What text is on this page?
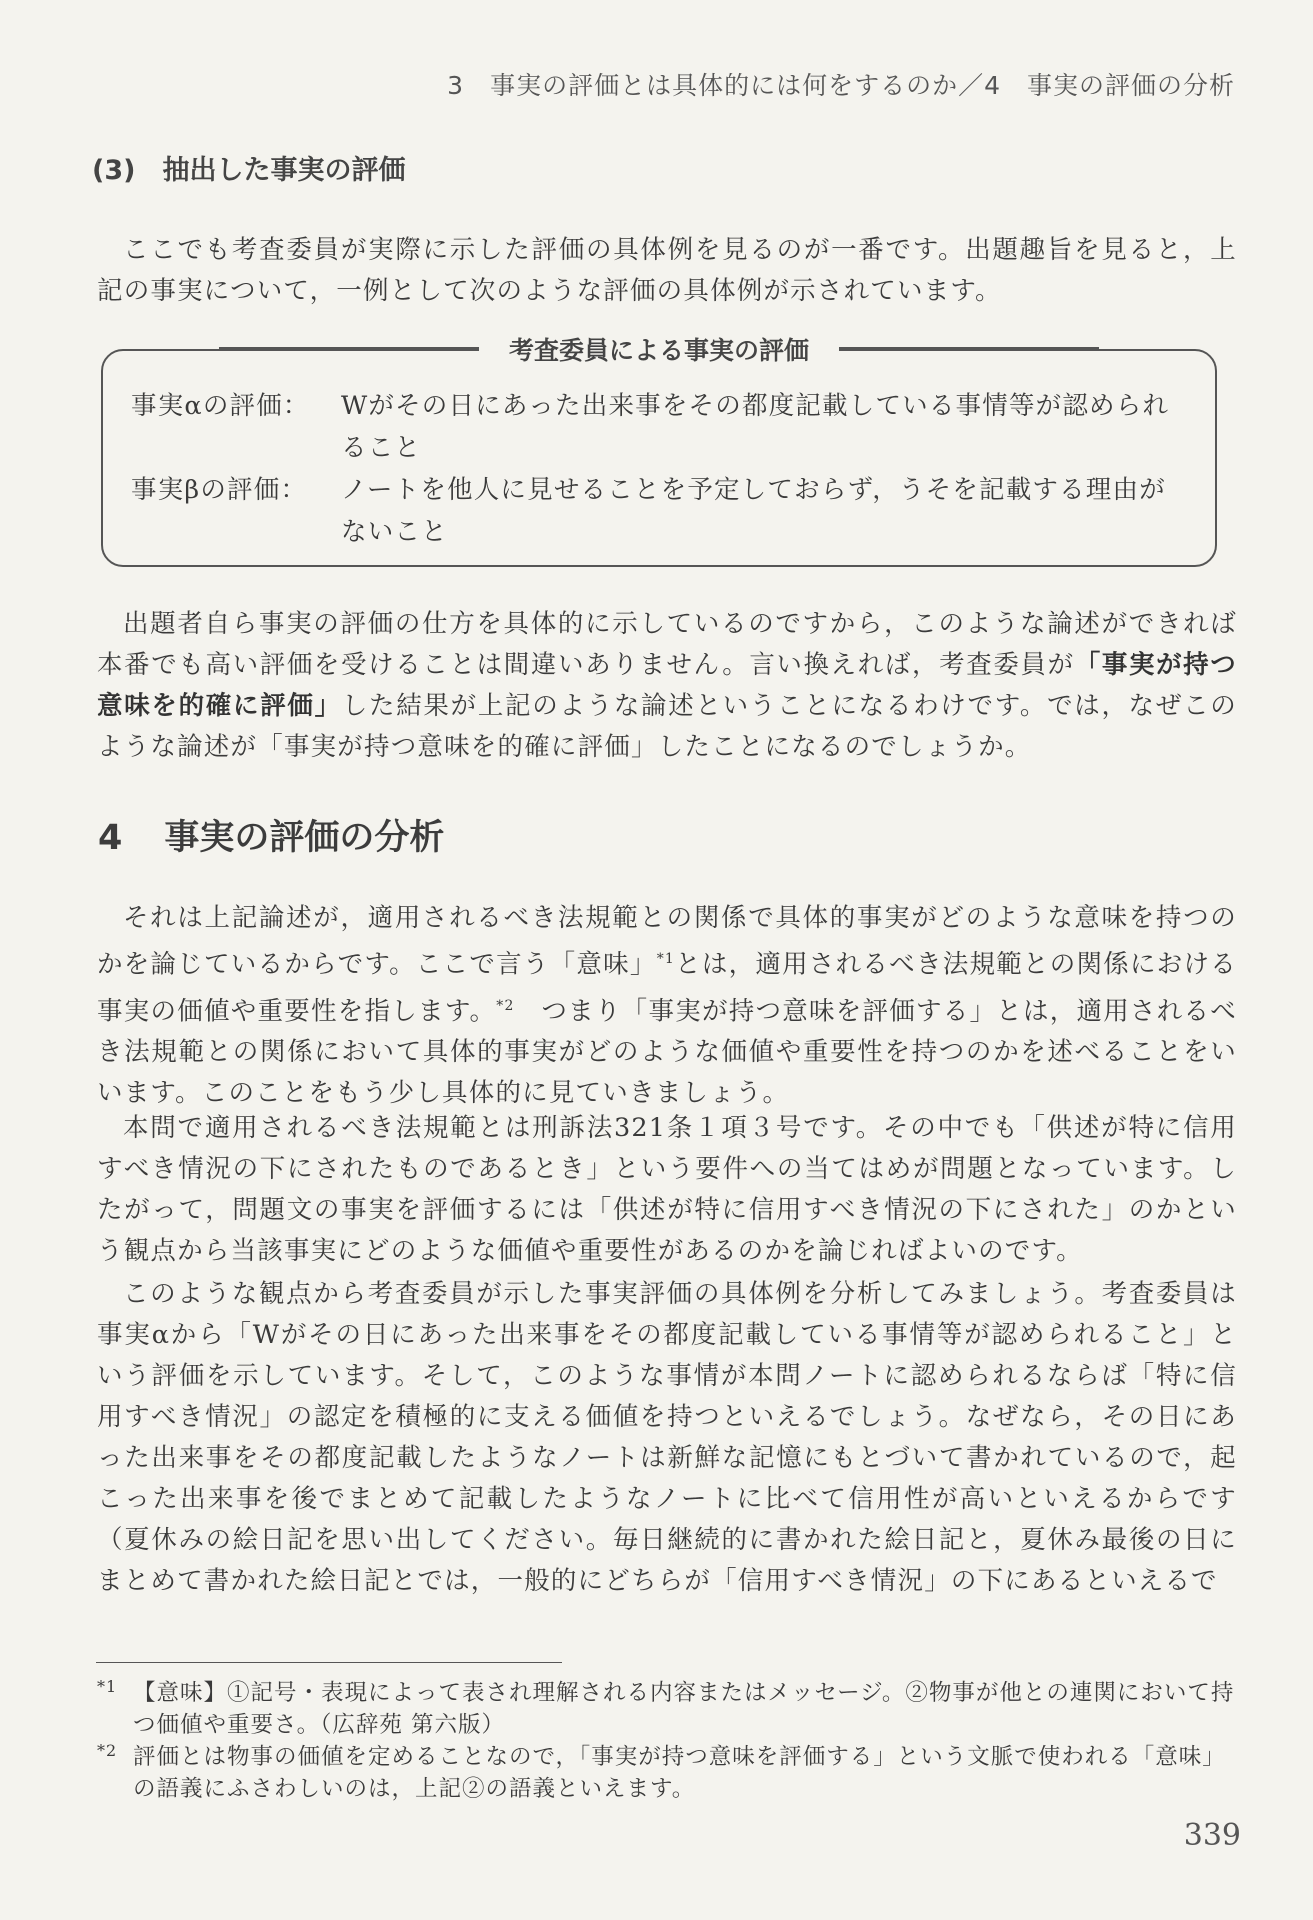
3　事実の評価とは具体的には何をするのか／4　事実の評価の分析
(3)　抽出した事実の評価

ここでも考査委員が実際に示した評価の具体例を見るのが一番です。出題趣旨を見ると，上記の事実について，一例として次のような評価の具体例が示されています。

考査委員による事実の評価
事実αの評価： Wがその日にあった出来事をその都度記載している事情等が認められること
事実βの評価： ノートを他人に見せることを予定しておらず，うそを記載する理由がないこと

出題者自ら事実の評価の仕方を具体的に示しているのですから，このような論述ができれば本番でも高い評価を受けることは間違いありません。言い換えれば，考査委員が「事実が持つ意味を的確に評価」した結果が上記のような論述ということになるわけです。では，なぜこのような論述が「事実が持つ意味を的確に評価」したことになるのでしょうか。

4 事実の評価の分析

それは上記論述が，適用されるべき法規範との関係で具体的事実がどのような意味を持つのかを論じているからです。ここで言う「意味」$^{*1}$とは，適用されるべき法規範との関係における事実の価値や重要性を指します。$^{*2}$　つまり「事実が持つ意味を評価する」とは，適用されるべき法規範との関係において具体的事実がどのような価値や重要性を持つのかを述べることをいいます。このことをもう少し具体的に見ていきましょう。

本問で適用されるべき法規範とは刑訴法321条１項３号です。その中でも「供述が特に信用すべき情況の下にされたものであるとき」という要件への当てはめが問題となっています。したがって，問題文の事実を評価するには「供述が特に信用すべき情況の下にされた」のかという観点から当該事実にどのような価値や重要性があるのかを論じればよいのです。

このような観点から考査委員が示した事実評価の具体例を分析してみましょう。考査委員は事実αから「Wがその日にあった出来事をその都度記載している事情等が認められること」という評価を示しています。そして，このような事情が本問ノートに認められるならば「特に信用すべき情況」の認定を積極的に支える価値を持つといえるでしょう。なぜなら，その日にあった出来事をその都度記載したようなノートは新鮮な記憶にもとづいて書かれているので，起こった出来事を後でまとめて記載したようなノートに比べて信用性が高いといえるからです（夏休みの絵日記を思い出してください。毎日継続的に書かれた絵日記と，夏休み最後の日にまとめて書かれた絵日記とでは，一般的にどちらが「信用すべき情況」の下にあるといえるで

*1 【意味】①記号・表現によって表され理解される内容またはメッセージ。②物事が他との連関において持つ価値や重要さ。（広辞苑 第六版）
*2 評価とは物事の価値を定めることなので，「事実が持つ意味を評価する」という文脈で使われる「意味」の語義にふさわしいのは，上記②の語義といえます。
339
